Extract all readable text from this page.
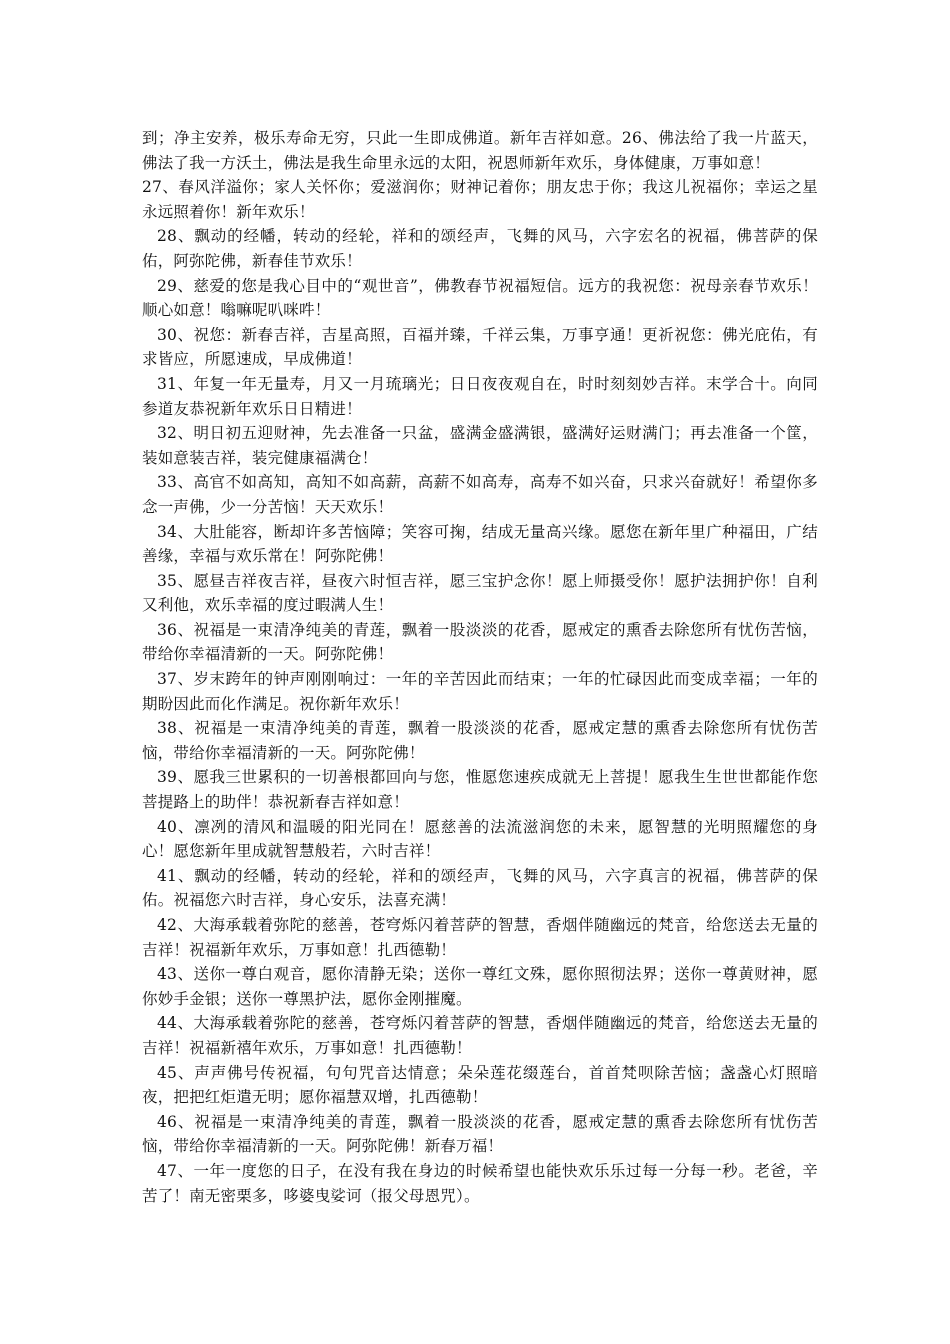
到；净主安养，极乐寿命无穷，只此一生即成佛道。新年吉祥如意。26、佛法给了我一片蓝天，佛法了我一方沃土，佛法是我生命里永远的太阳，祝恩师新年欢乐，身体健康，万事如意！

27、春风洋溢你；家人关怀你；爱滋润你；财神记着你；朋友忠于你；我这儿祝福你；幸运之星永远照着你！新年欢乐！

28、飘动的经幡，转动的经轮，祥和的颂经声，飞舞的风马，六字宏名的祝福，佛菩萨的保佑，阿弥陀佛，新春佳节欢乐！

29、慈爱的您是我心目中的“观世音”，佛教春节祝福短信。远方的我祝您：祝母亲春节欢乐！顺心如意！嗡嘛呢叭咪吽！

30、祝您：新春吉祥，吉星高照，百福并臻，千祥云集，万事亨通！更祈祝您：佛光庇佑，有求皆应，所愿速成，早成佛道！

31、年复一年无量寿，月又一月琉璃光；日日夜夜观自在，时时刻刻妙吉祥。末学合十。向同参道友恭祝新年欢乐日日精进！

32、明日初五迎财神，先去准备一只盆，盛满金盛满银，盛满好运财满门；再去准备一个筐，装如意装吉祥，装完健康福满仓！

33、高官不如高知，高知不如高薪，高薪不如高寿，高寿不如兴奋，只求兴奋就好！希望你多念一声佛，少一分苦恼！天天欢乐！

34、大肚能容，断却许多苦恼障；笑容可掬，结成无量高兴缘。愿您在新年里广种福田，广结善缘，幸福与欢乐常在！阿弥陀佛！

35、愿昼吉祥夜吉祥，昼夜六时恒吉祥，愿三宝护念你！愿上师摄受你！愿护法拥护你！自利又利他，欢乐幸福的度过暇满人生！

36、祝福是一束清净纯美的青莲，飘着一股淡淡的花香，愿戒定的熏香去除您所有忧伤苦恼，带给你幸福清新的一天。阿弥陀佛！

37、岁末跨年的钟声刚刚响过：一年的辛苦因此而结束；一年的忙碌因此而变成幸福；一年的期盼因此而化作满足。祝你新年欢乐！

38、祝福是一束清净纯美的青莲，飘着一股淡淡的花香，愿戒定慧的熏香去除您所有忧伤苦恼，带给你幸福清新的一天。阿弥陀佛！

39、愿我三世累积的一切善根都回向与您，惟愿您速疾成就无上菩提！愿我生生世世都能作您菩提路上的助伴！恭祝新春吉祥如意！

40、凛冽的清风和温暖的阳光同在！愿慈善的法流滋润您的未来，愿智慧的光明照耀您的身心！愿您新年里成就智慧般若，六时吉祥！

41、飘动的经幡，转动的经轮，祥和的颂经声，飞舞的风马，六字真言的祝福，佛菩萨的保佑。祝福您六时吉祥，身心安乐，法喜充满！

42、大海承载着弥陀的慈善，苍穹烁闪着菩萨的智慧，香烟伴随幽远的梵音，给您送去无量的吉祥！祝福新年欢乐，万事如意！扎西德勒！

43、送你一尊白观音，愿你清静无染；送你一尊红文殊，愿你照彻法界；送你一尊黄财神，愿你妙手金银；送你一尊黑护法，愿你金刚摧魔。

44、大海承载着弥陀的慈善，苍穹烁闪着菩萨的智慧，香烟伴随幽远的梵音，给您送去无量的吉祥！祝福新禧年欢乐，万事如意！扎西德勒！

45、声声佛号传祝福，句句咒音达情意；朵朵莲花缀莲台，首首梵呗除苦恼；盏盏心灯照暗夜，把把红炬遣无明；愿你福慧双增，扎西德勒！

46、祝福是一束清净纯美的青莲，飘着一股淡淡的花香，愿戒定慧的熏香去除您所有忧伤苦恼，带给你幸福清新的一天。阿弥陀佛！新春万福！

47、一年一度您的日子，在没有我在身边的时候希望也能快欢乐乐过每一分每一秒。老爸，辛苦了！南无密栗多，哆婆曳娑诃（报父母恩咒）。
